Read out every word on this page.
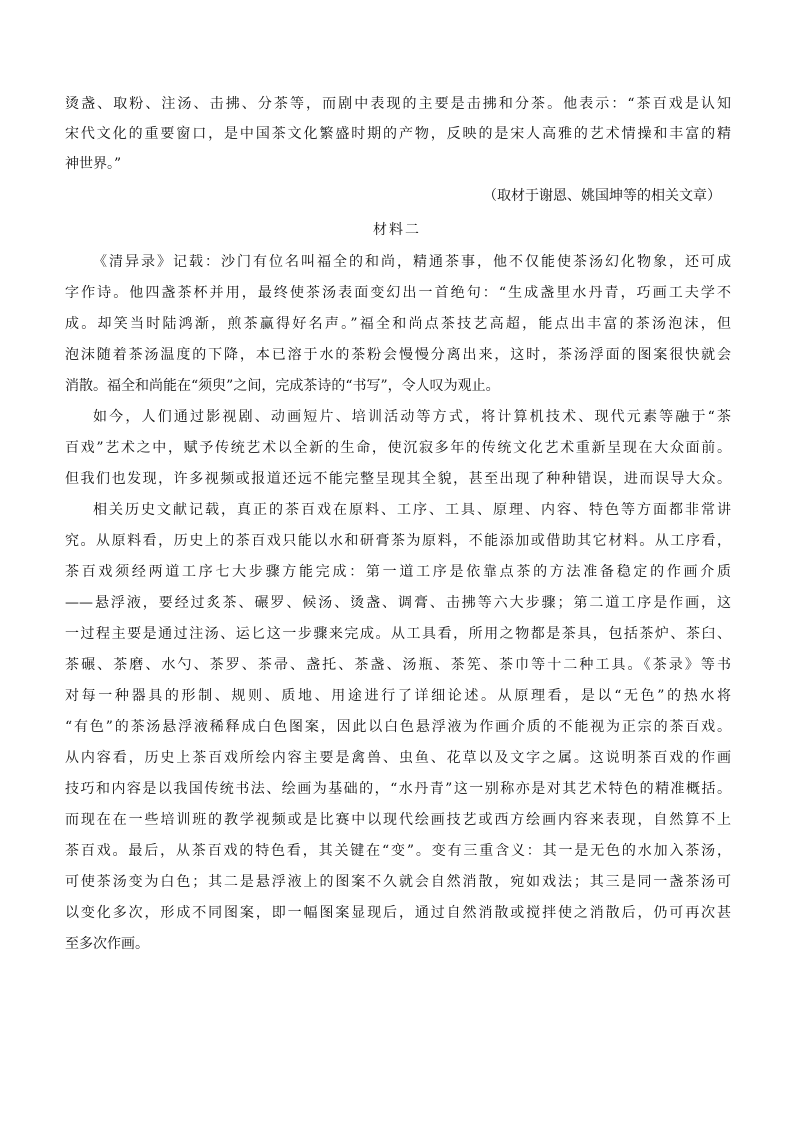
烫盏、取粉、注汤、击拂、分茶等，而剧中表现的主要是击拂和分茶。他表示：“茶百戏是认知
宋代文化的重要窗口，是中国茶文化繁盛时期的产物，反映的是宋人高雅的艺术情操和丰富的精
神世界。”
（取材于谢恩、姚国坤等的相关文章）
材料二
《清异录》记载：沙门有位名叫福全的和尚，精通茶事，他不仅能使茶汤幻化物象，还可成
字作诗。他四盏茶杯并用，最终使茶汤表面变幻出一首绝句：“生成盏里水丹青，巧画工夫学不
成。却笑当时陆鸿渐，煎茶赢得好名声。”福全和尚点茶技艺高超，能点出丰富的茶汤泡沫，但
泡沫随着茶汤温度的下降，本已溶于水的茶粉会慢慢分离出来，这时，茶汤浮面的图案很快就会
消散。福全和尚能在“须臾”之间，完成茶诗的“书写”，令人叹为观止。
如今，人们通过影视剧、动画短片、培训活动等方式，将计算机技术、现代元素等融于“茶
百戏”艺术之中，赋予传统艺术以全新的生命，使沉寂多年的传统文化艺术重新呈现在大众面前。
但我们也发现，许多视频或报道还远不能完整呈现其全貌，甚至出现了种种错误，进而误导大众。
相关历史文献记载，真正的茶百戏在原料、工序、工具、原理、内容、特色等方面都非常讲
究。从原料看，历史上的茶百戏只能以水和研膏茶为原料，不能添加或借助其它材料。从工序看，
茶百戏须经两道工序七大步骤方能完成：第一道工序是依靠点茶的方法准备稳定的作画介质
——悬浮液，要经过炙茶、碾罗、候汤、烫盏、调膏、击拂等六大步骤；第二道工序是作画，这
一过程主要是通过注汤、运匕这一步骤来完成。从工具看，所用之物都是茶具，包括茶炉、茶臼、
茶碾、茶磨、水勺、茶罗、茶帚、盏托、茶盏、汤瓶、茶筅、茶巾等十二种工具。《茶录》等书
对每一种器具的形制、规则、质地、用途进行了详细论述。从原理看，是以“无色”的热水将
“有色”的茶汤悬浮液稀释成白色图案，因此以白色悬浮液为作画介质的不能视为正宗的茶百戏。
从内容看，历史上茶百戏所绘内容主要是禽兽、虫鱼、花草以及文字之属。这说明茶百戏的作画
技巧和内容是以我国传统书法、绘画为基础的，“水丹青”这一别称亦是对其艺术特色的精准概括。
而现在在一些培训班的教学视频或是比赛中以现代绘画技艺或西方绘画内容来表现，自然算不上
茶百戏。最后，从茶百戏的特色看，其关键在“变”。变有三重含义：其一是无色的水加入茶汤，
可使茶汤变为白色；其二是悬浮液上的图案不久就会自然消散，宛如戏法；其三是同一盏茶汤可
以变化多次，形成不同图案，即一幅图案显现后，通过自然消散或搅拌使之消散后，仍可再次甚
至多次作画。
